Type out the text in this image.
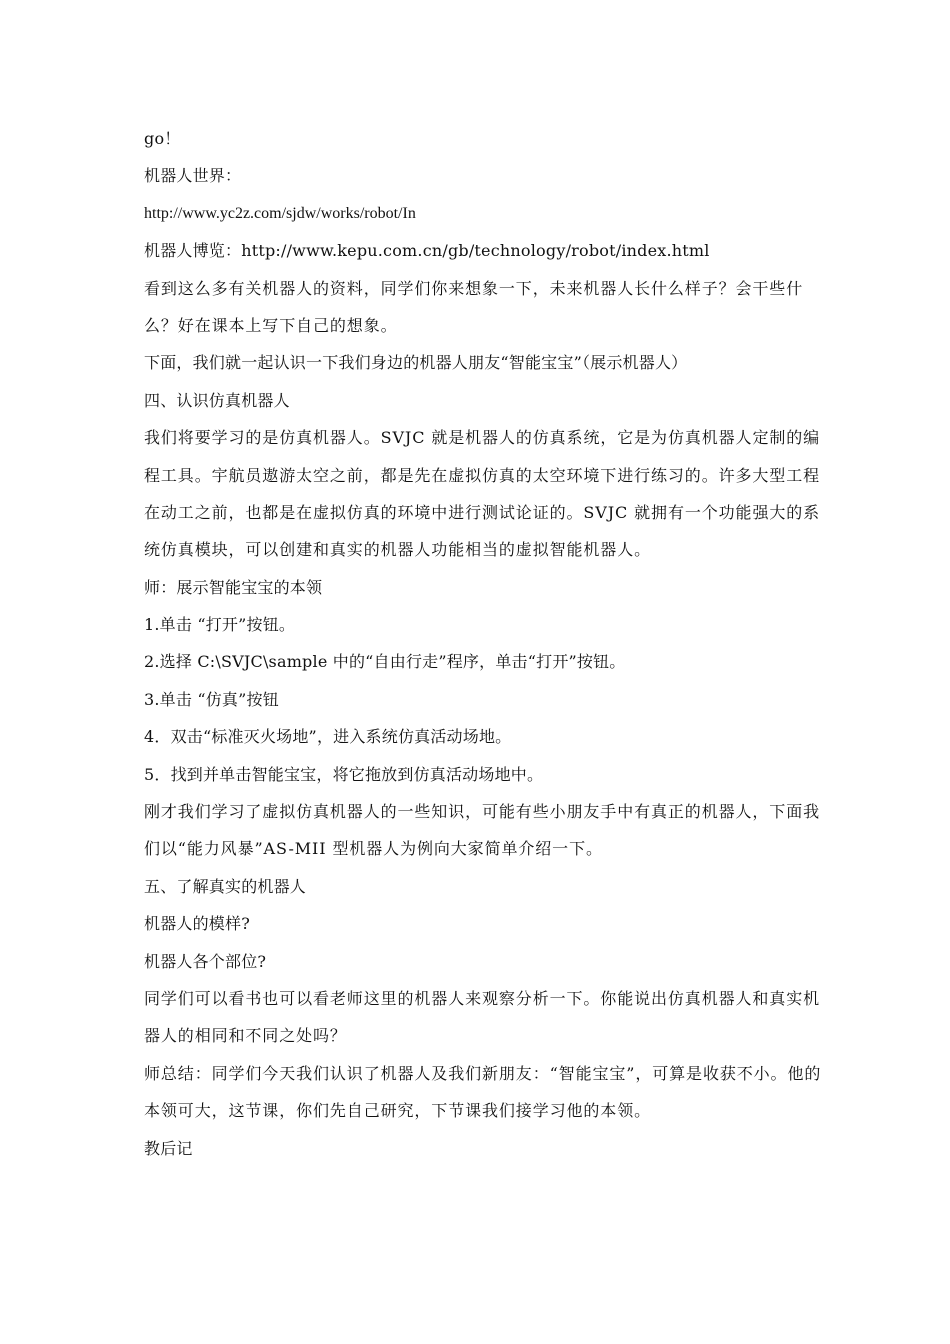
go！
机器人世界：
http://www.yc2z.com/sjdw/works/robot/In
机器人博览：http://www.kepu.com.cn/gb/technology/robot/index.html
看到这么多有关机器人的资料，同学们你来想象一下，未来机器人长什么样子？会干些什
么？好在课本上写下自己的想象。
下面，我们就一起认识一下我们身边的机器人朋友“智能宝宝”（展示机器人）
四、认识仿真机器人
我们将要学习的是仿真机器人。SVJC 就是机器人的仿真系统，它是为仿真机器人定制的编
程工具。宇航员遨游太空之前，都是先在虚拟仿真的太空环境下进行练习的。许多大型工程
在动工之前，也都是在虚拟仿真的环境中进行测试论证的。SVJC 就拥有一个功能强大的系
统仿真模块，可以创建和真实的机器人功能相当的虚拟智能机器人。
师：展示智能宝宝的本领
1.单击 “打开”按钮。
2.选择 C:\SVJC\sample 中的“自由行走”程序，单击“打开”按钮。
3.单击 “仿真”按钮
4．双击“标准灭火场地”，进入系统仿真活动场地。
5．找到并单击智能宝宝，将它拖放到仿真活动场地中。
刚才我们学习了虚拟仿真机器人的一些知识，可能有些小朋友手中有真正的机器人，下面我
们以“能力风暴”AS-MII 型机器人为例向大家简单介绍一下。
五、了解真实的机器人
机器人的模样?
机器人各个部位?
同学们可以看书也可以看老师这里的机器人来观察分析一下。你能说出仿真机器人和真实机
器人的相同和不同之处吗？
师总结：同学们今天我们认识了机器人及我们新朋友：“智能宝宝”，可算是收获不小。他的
本领可大，这节课，你们先自己研究，下节课我们接学习他的本领。
教后记
